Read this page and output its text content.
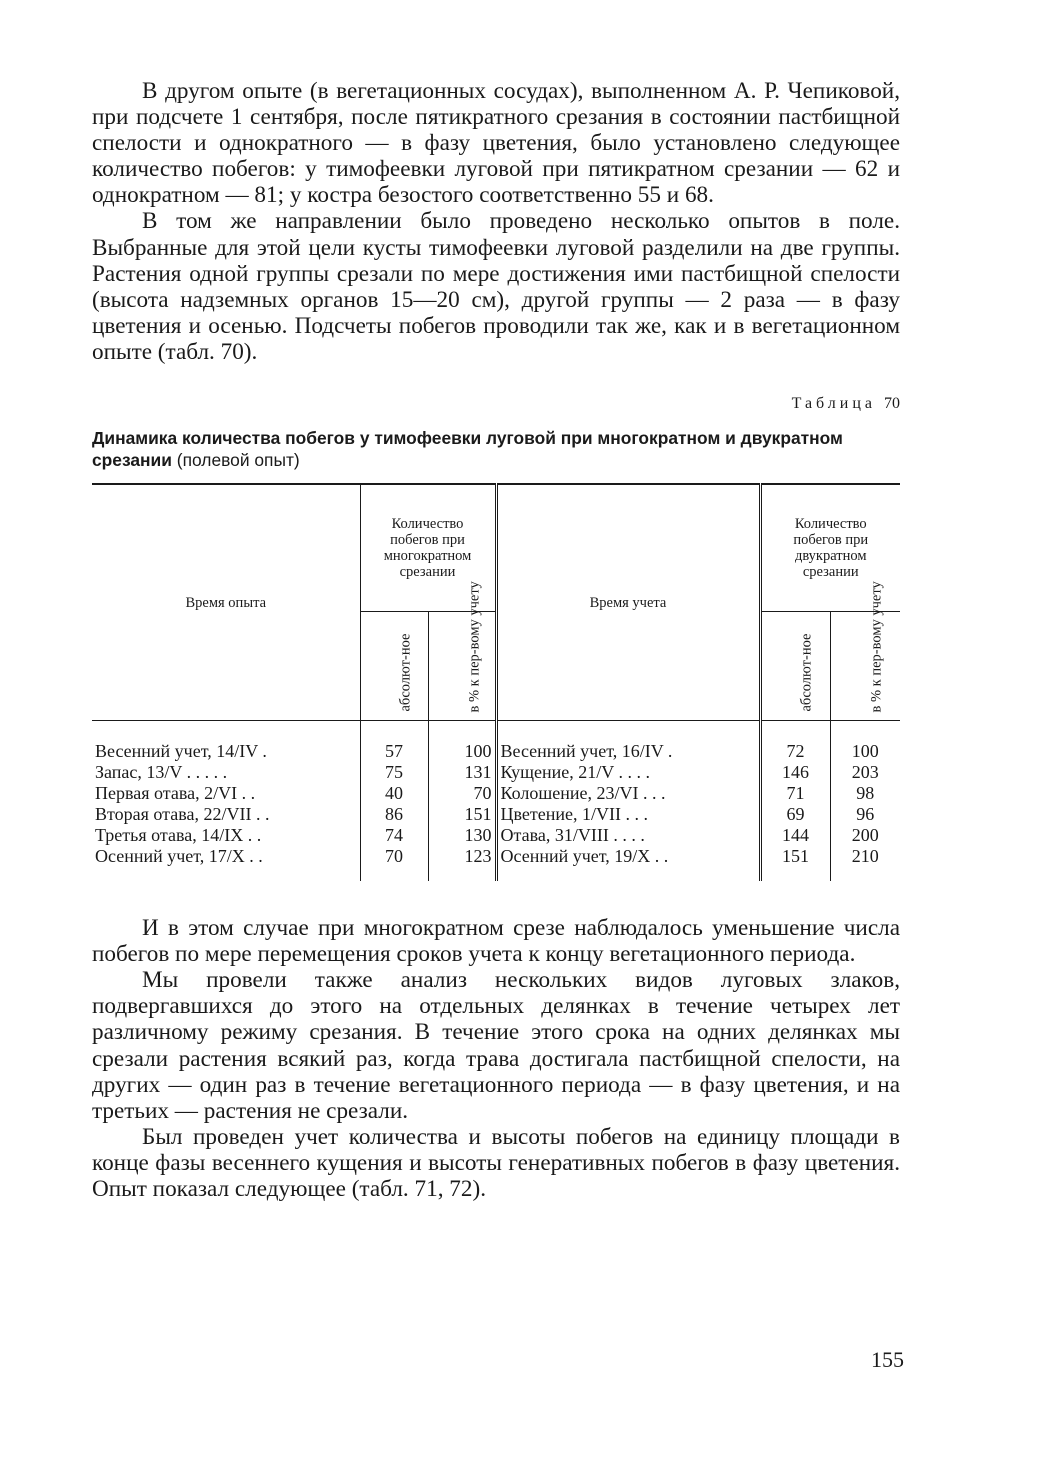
В другом опыте (в вегетационных сосудах), выполненном А. Р. Чепиковой, при подсчете 1 сентября, после пятикратного срезания в состоянии пастбищной спелости и однократного — в фазу цветения, было установлено следующее количество побегов: у тимофеевки луговой при пятикратном срезании — 62 и однократном — 81; у костра безостого соответственно 55 и 68.

В том же направлении было проведено несколько опытов в поле. Выбранные для этой цели кусты тимофеевки луговой разделили на две группы. Растения одной группы срезали по мере достижения ими пастбищной спелости (высота надземных органов 15—20 см), другой группы — 2 раза — в фазу цветения и осенью. Подсчеты побегов проводили так же, как и в вегетационном опыте (табл. 70).

Таблица 70
Динамика количества побегов у тимофеевки луговой при многократном и двукратном срезании (полевой опыт)
Время опыта	Количество побегов при многократном срезании		Время учета	Количество побегов при двукратном срезании	

	абсолют-ное	в % к пер-вому учету		абсолют-ное	в % к пер-вому учету
Весенний учет, 14/IV .	57	100	Весенний учет, 16/IV .	72	100
Запас, 13/V . . . . .	75	131	Кущение, 21/V . . . .	146	203
Первая отава, 2/VI . .	40	70	Колошение, 23/VI . . .	71	98
Вторая отава, 22/VII . .	86	151	Цветение, 1/VII . . .	69	96
Третья отава, 14/IX . .	74	130	Отава, 31/VIII . . . .	144	200
Осенний учет, 17/X . .	70	123	Осенний учет, 19/X . .	151	210

И в этом случае при многократном срезе наблюдалось уменьшение числа побегов по мере перемещения сроков учета к концу вегетационного периода.

Мы провели также анализ нескольких видов луговых злаков, подвергавшихся до этого на отдельных делянках в течение четырех лет различному режиму срезания. В течение этого срока на одних делянках мы срезали растения всякий раз, когда трава достигала пастбищной спелости, на других — один раз в течение вегетационного периода — в фазу цветения, и на третьих — растения не срезали.

Был проведен учет количества и высоты побегов на единицу площади в конце фазы весеннего кущения и высоты генеративных побегов в фазу цветения. Опыт показал следующее (табл. 71, 72).

155
